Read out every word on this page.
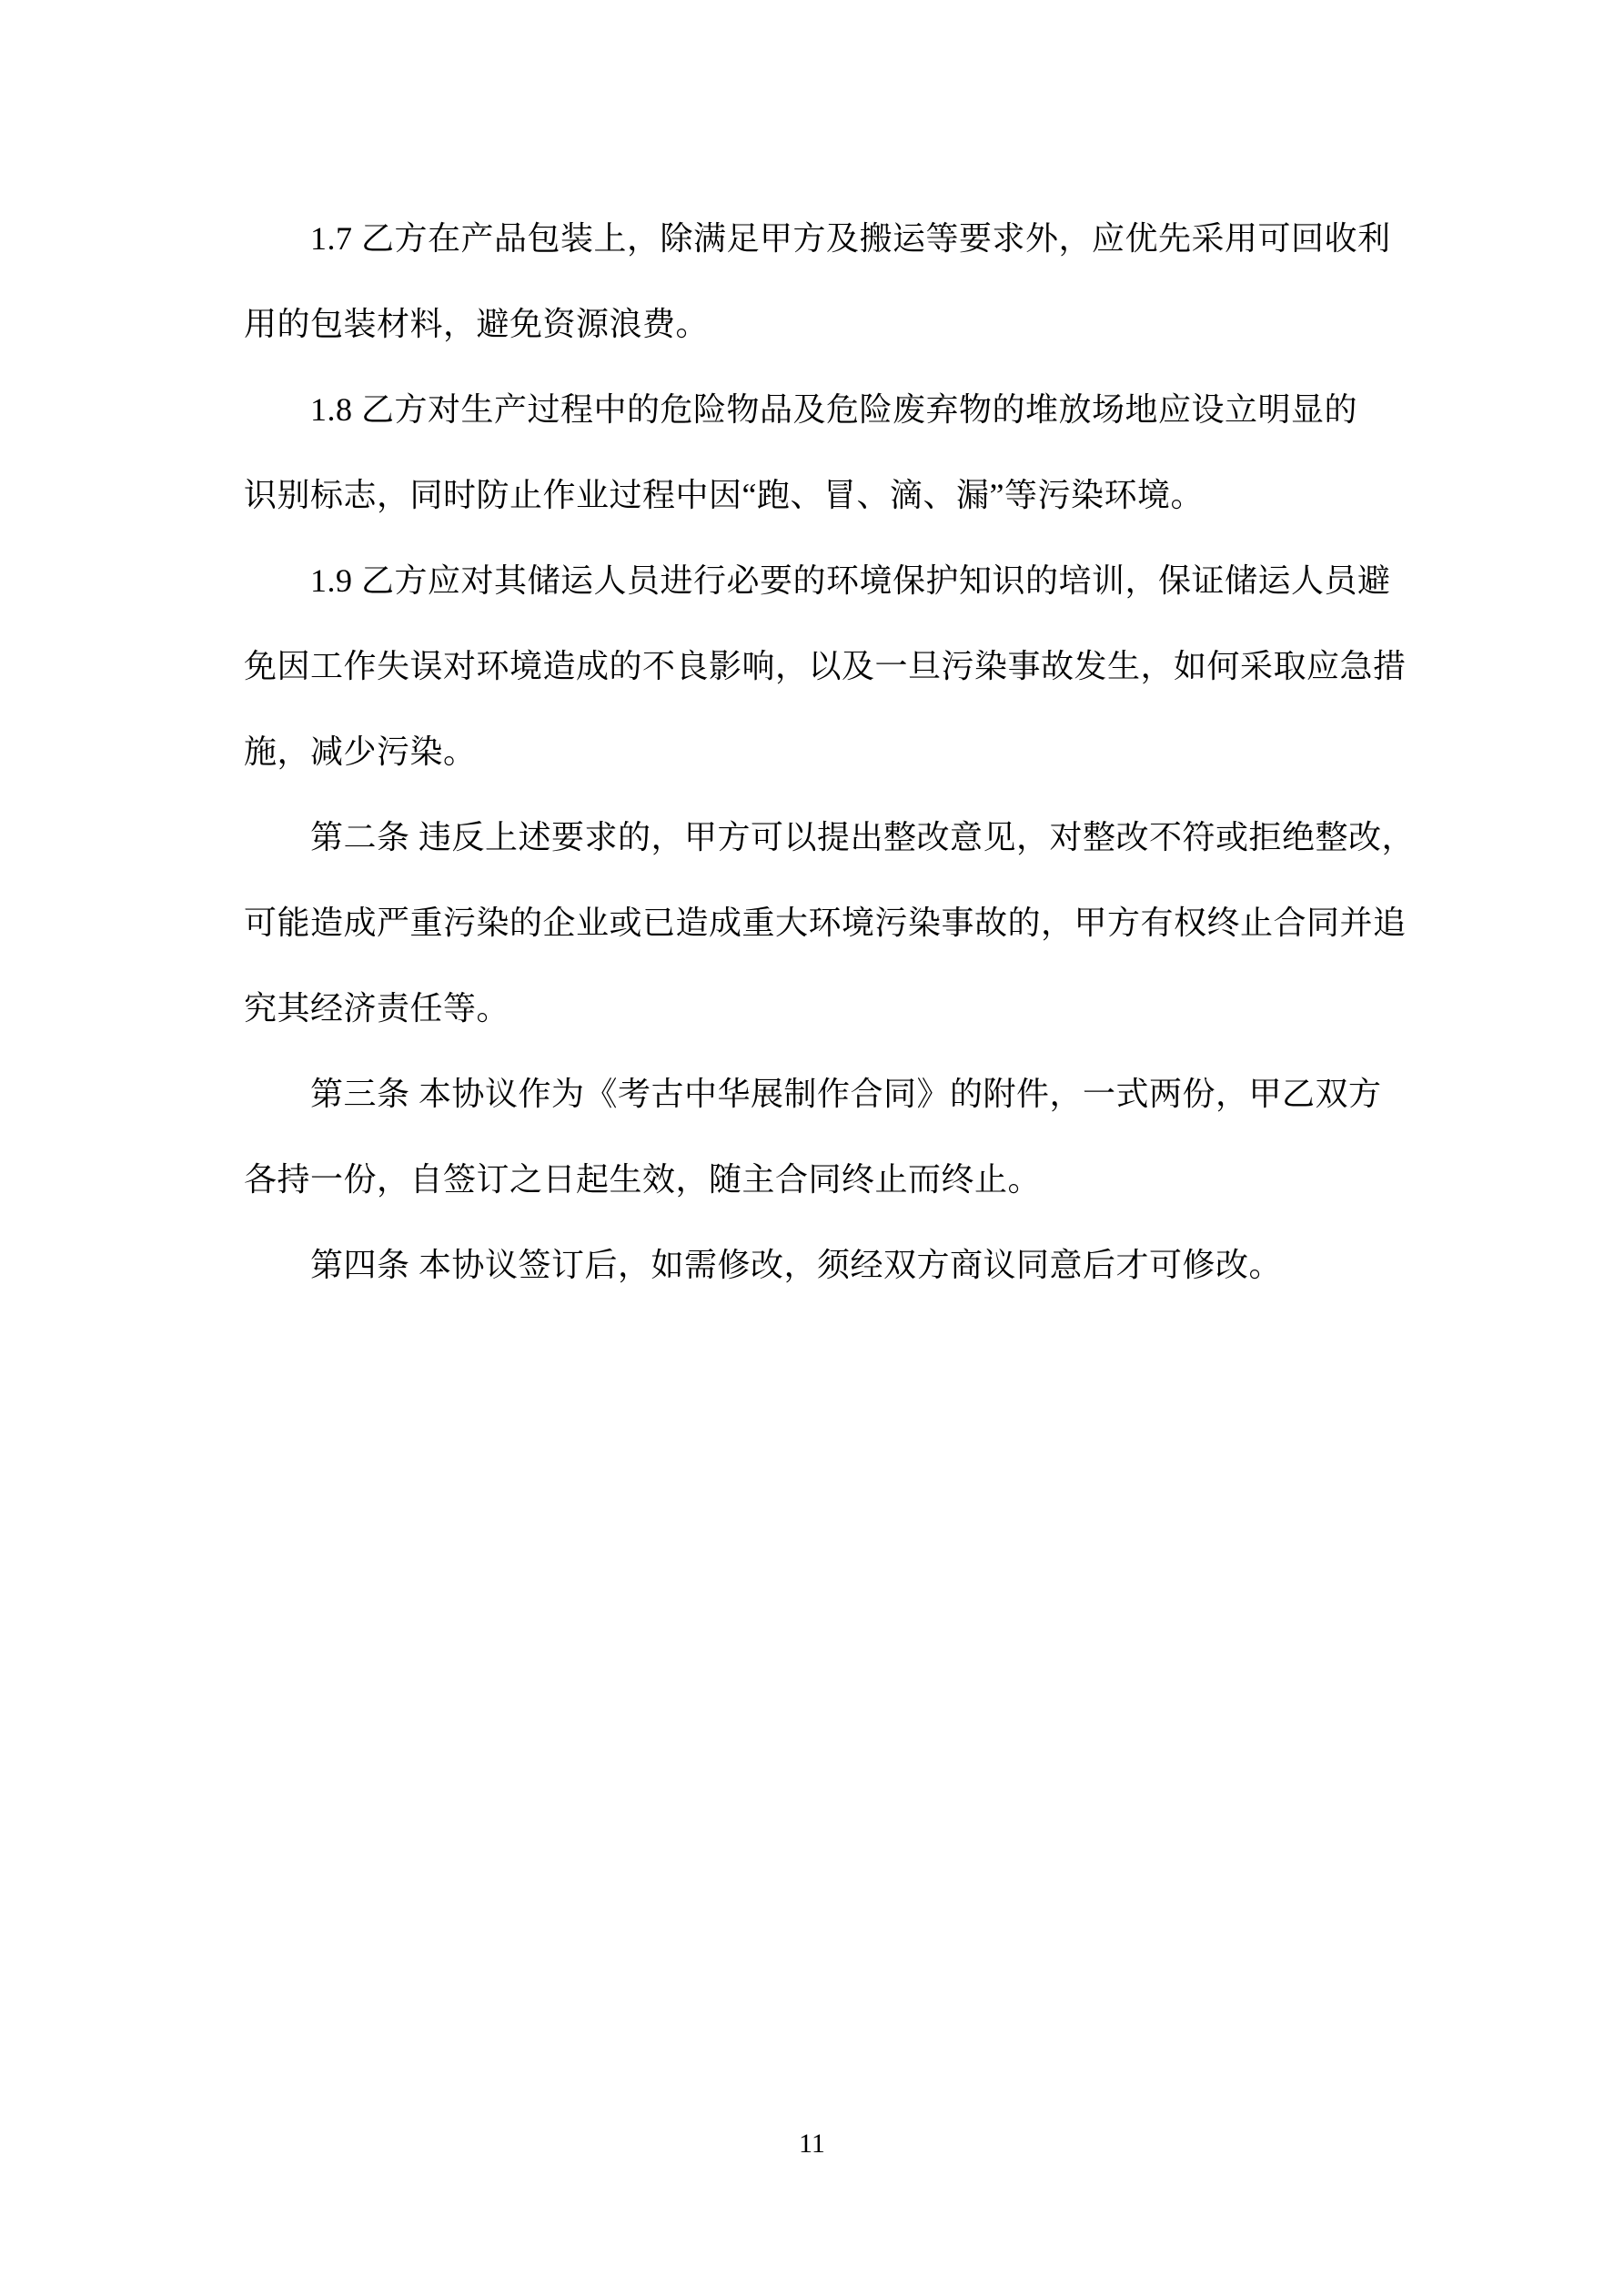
1.7 乙方在产品包装上，除满足甲方及搬运等要求外，应优先采用可回收利
用的包装材料，避免资源浪费。
1.8 乙方对生产过程中的危险物品及危险废弃物的堆放场地应设立明显的
识别标志，同时防止作业过程中因“跑、冒、滴、漏”等污染环境。
1.9 乙方应对其储运人员进行必要的环境保护知识的培训，保证储运人员避
免因工作失误对环境造成的不良影响，以及一旦污染事故发生，如何采取应急措
施，减少污染。
第二条 违反上述要求的，甲方可以提出整改意见，对整改不符或拒绝整改，
可能造成严重污染的企业或已造成重大环境污染事故的，甲方有权终止合同并追
究其经济责任等。
第三条 本协议作为《考古中华展制作合同》的附件，一式两份，甲乙双方
各持一份，自签订之日起生效，随主合同终止而终止。
第四条 本协议签订后，如需修改，须经双方商议同意后才可修改。
11
